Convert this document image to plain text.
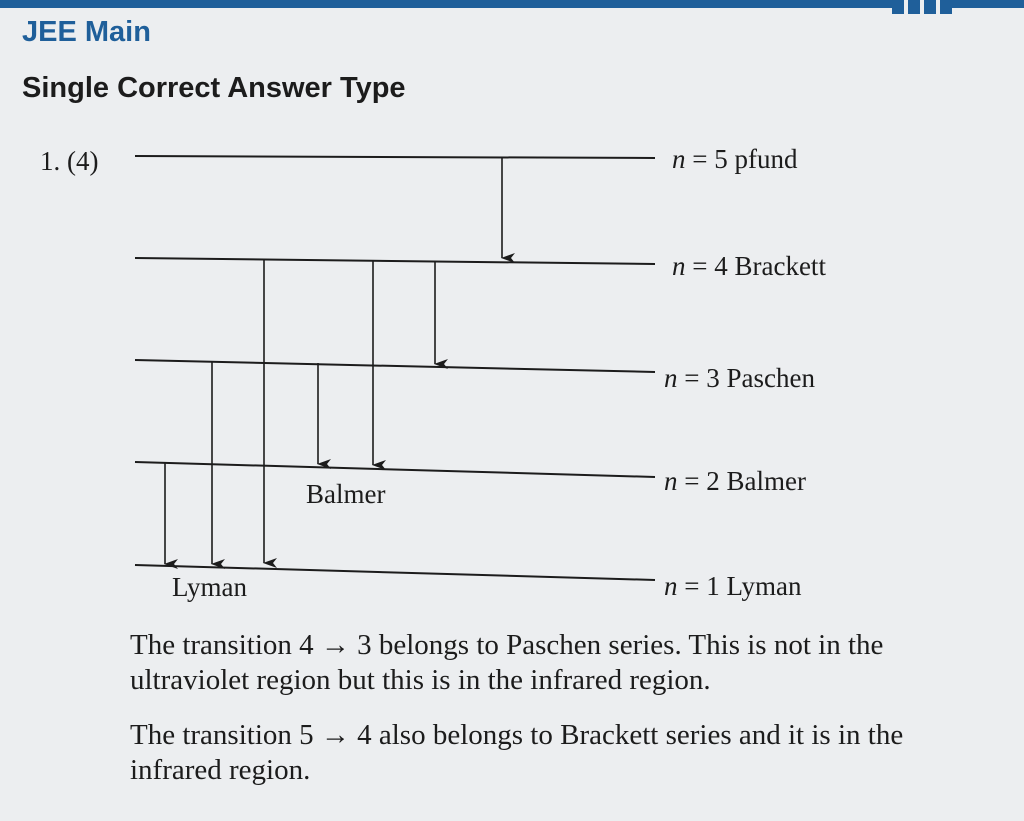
JEE Main
Single Correct Answer Type
1. (4)	n = 5 pfund
n = 4 Brackett
n = 3 Paschen
n = 2 Balmer
n = 1 Lyman
Balmer
Lyman
The transition 4 → 3 belongs to Paschen series. This is not in the ultraviolet region but this is in the infrared region.
The transition 5 → 4 also belongs to Brackett series and it is in the infrared region.
